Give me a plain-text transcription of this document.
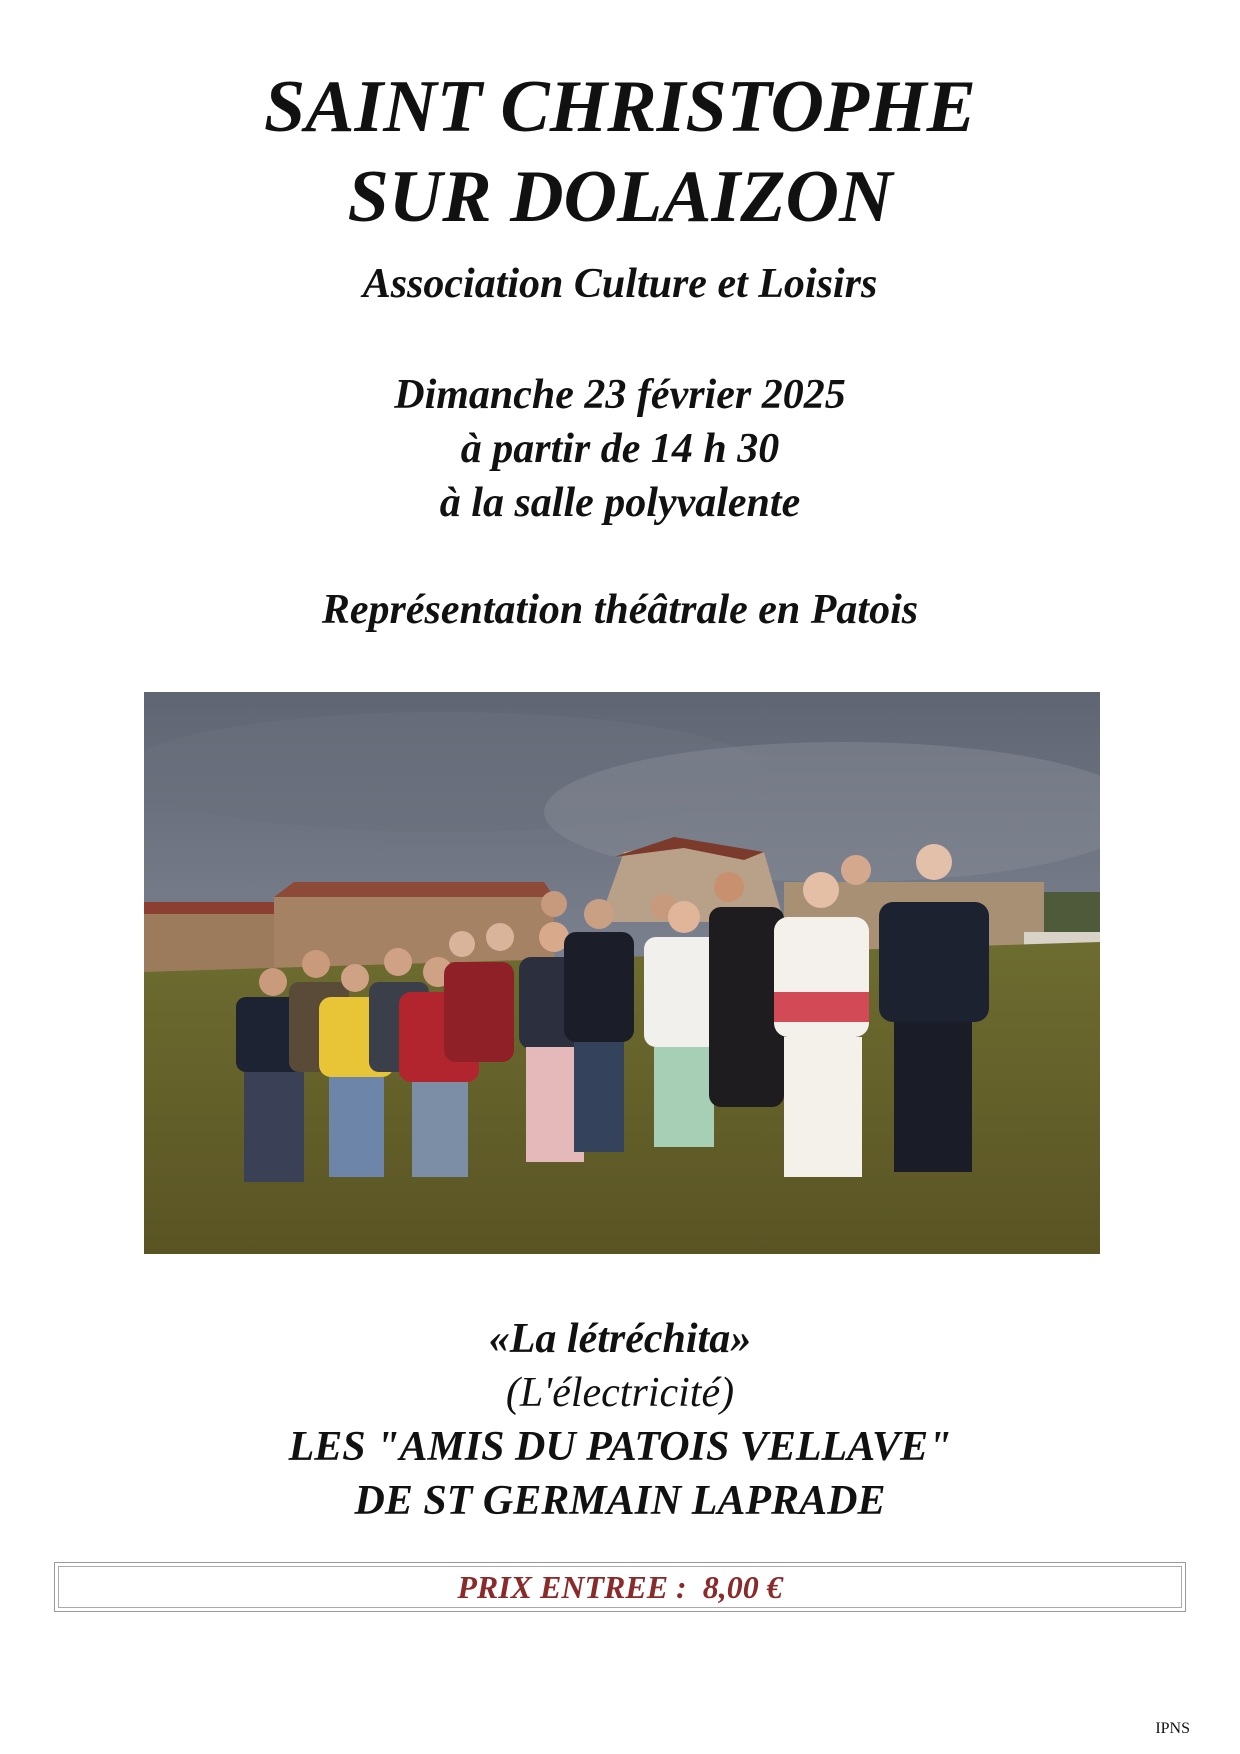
SAINT CHRISTOPHE
SUR DOLAIZON
Association Culture et Loisirs
Dimanche 23 février 2025
à partir de 14 h 30
à la salle polyvalente
Représentation théâtrale en Patois
«La létréchita»
(L'électricité)
LES "AMIS DU PATOIS VELLAVE"
DE ST GERMAIN LAPRADE
PRIX ENTREE :  8,00 €
IPNS
